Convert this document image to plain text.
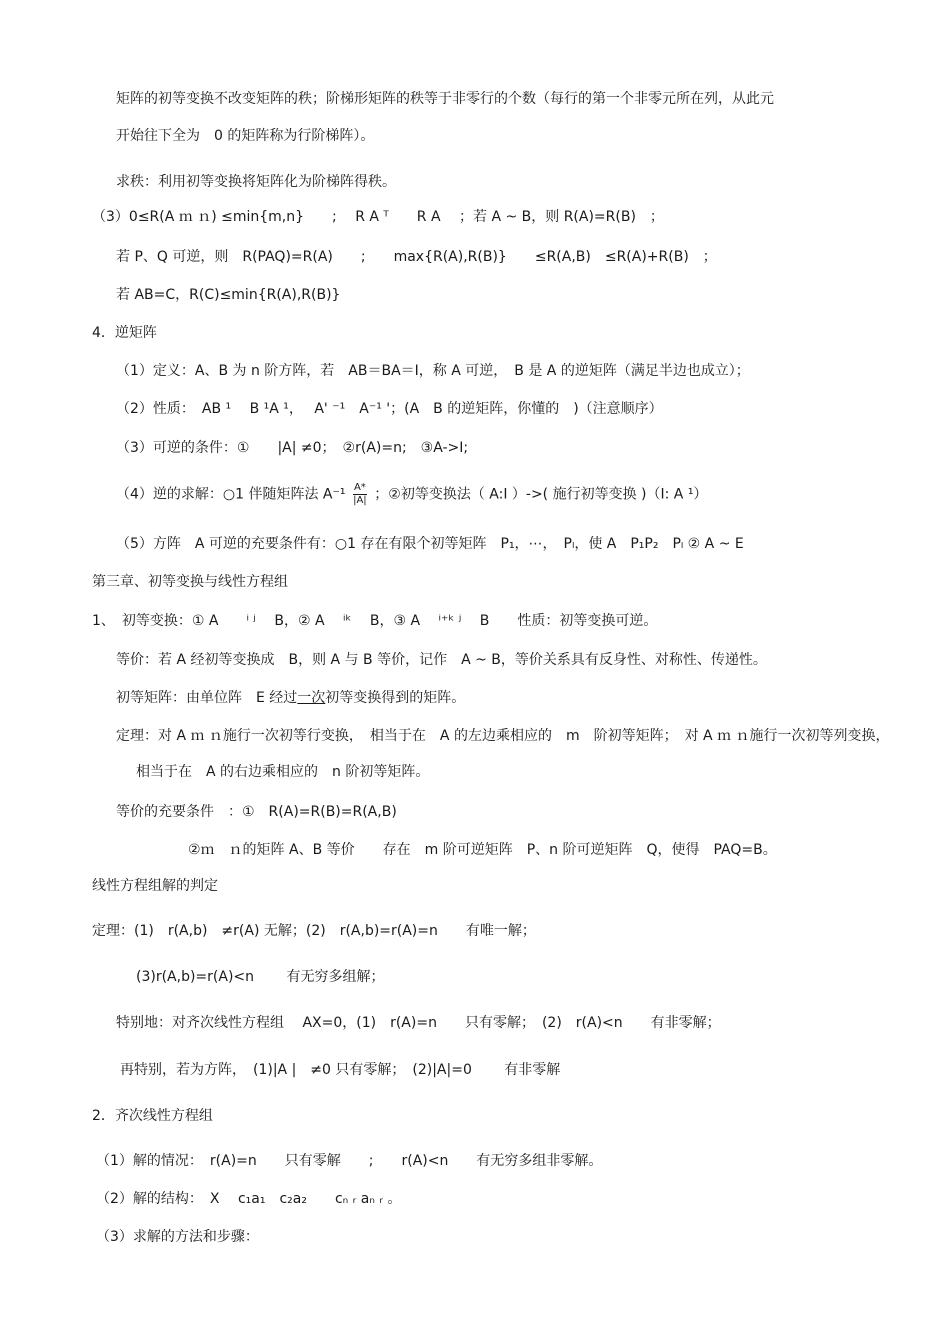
矩阵的初等变换不改变矩阵的秩；阶梯形矩阵的秩等于非零行的个数（每行的第一个非零元所在列，从此元
开始往下全为　0 的矩阵称为行阶梯阵）。
求秩：利用初等变换将矩阵化为阶梯阵得秩。
（3）0≤R(A ｍ ｎ) ≤min{m,n}　　;　 R A ᵀ　　R A　 ；若 A ~ B，则 R(A)=R(B)　；
若 P、Q 可逆，则　R(PAQ)=R(A)　　;　　max{R(A),R(B)}　　≤R(A,B)　≤R(A)+R(B)　；
若 AB=C，R(C)≤min{R(A),R(B)}
4．逆矩阵
（1）定义：A、B 为 n 阶方阵，若　AB＝BA＝I，称 A 可逆，　B 是 A 的逆矩阵（满足半边也成立）；
（2）性质：　AB ¹　 B ¹A ¹，　 A' ⁻¹　A⁻¹ '；(A　B 的逆矩阵，你懂的　)（注意顺序）
（3）可逆的条件：①　　|A| ≠0；　②r(A)=n;　③A->I;
（4）逆的求解：○1 伴随矩阵法 $A^{-1} \frac{A*}{|A|}$ ；②初等变换法（ A:I ）->( 施行初等变换 )（I: A ¹）
（5）方阵　A 可逆的充要条件有：○1 存在有限个初等矩阵　P₁，⋯，　Pₗ，使 A　P₁P₂　Pₗ ② A ~ E
第三章、初等变换与线性方程组
1、　初等变换：① A　　ⁱ ʲ　 B，② A　 ⁱᵏ　 B，③ A　 ⁱ⁺ᵏ ʲ　 B　　性质：初等变换可逆。
等价：若 A 经初等变换成　B，则 A 与 B 等价，记作　A ~ B，等价关系具有反身性、对称性、传递性。
初等矩阵：由单位阵　E 经过一次初等变换得到的矩阵。
定理：对 A ｍ ｎ施行一次初等行变换，　相当于在　A 的左边乘相应的　m　阶初等矩阵；　对 A ｍ ｎ施行一次初等列变换，
相当于在　A 的右边乘相应的　n 阶初等矩阵。
等价的充要条件　：①　R(A)=R(B)=R(A,B)
②ｍ　ｎ的矩阵 A、B 等价　　存在　m 阶可逆矩阵　P、n 阶可逆矩阵　Q，使得　PAQ=B。
线性方程组解的判定
定理：(1)　r(A,b)　≠r(A) 无解；(2)　r(A,b)=r(A)=n　　有唯一解；
(3)r(A,b)=r(A)<n　　 有无穷多组解；
特别地：对齐次线性方程组　 AX=0，(1)　r(A)=n　　只有零解；　(2)　r(A)<n　　有非零解；
再特别，若为方阵，　(1)|A |　≠0 只有零解；　(2)|A|=0　　 有非零解
2．齐次线性方程组
（1）解的情况：　r(A)=n　　只有零解　　;　　r(A)<n　　有无穷多组非零解。
（2）解的结构：　X　 c₁a₁　c₂a₂　　cₙ ᵣ aₙ ᵣ 。
（3）求解的方法和步骤：
